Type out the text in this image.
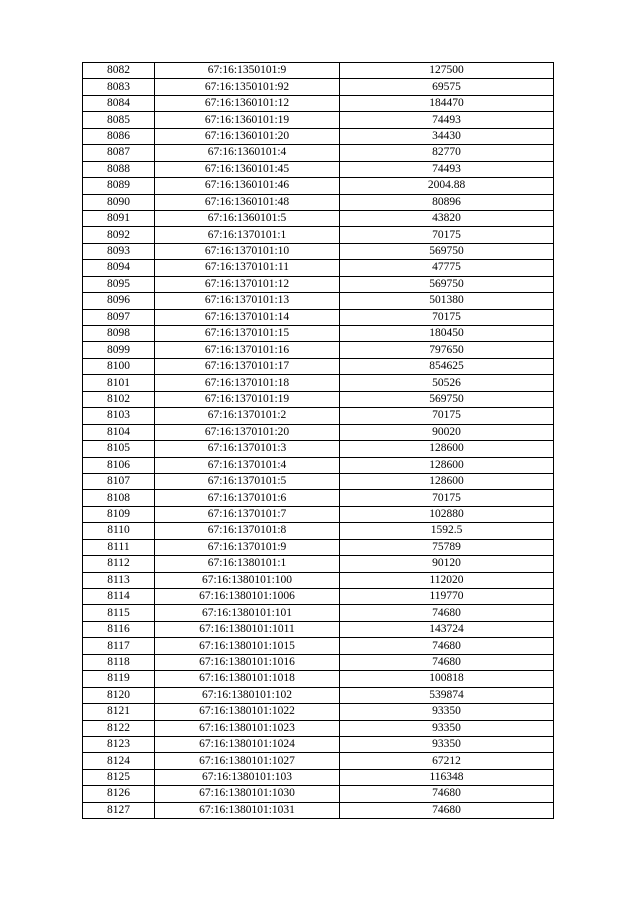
8082	67:16:1350101:9	127500
8083	67:16:1350101:92	69575
8084	67:16:1360101:12	184470
8085	67:16:1360101:19	74493
8086	67:16:1360101:20	34430
8087	67:16:1360101:4	82770
8088	67:16:1360101:45	74493
8089	67:16:1360101:46	2004.88
8090	67:16:1360101:48	80896
8091	67:16:1360101:5	43820
8092	67:16:1370101:1	70175
8093	67:16:1370101:10	569750
8094	67:16:1370101:11	47775
8095	67:16:1370101:12	569750
8096	67:16:1370101:13	501380
8097	67:16:1370101:14	70175
8098	67:16:1370101:15	180450
8099	67:16:1370101:16	797650
8100	67:16:1370101:17	854625
8101	67:16:1370101:18	50526
8102	67:16:1370101:19	569750
8103	67:16:1370101:2	70175
8104	67:16:1370101:20	90020
8105	67:16:1370101:3	128600
8106	67:16:1370101:4	128600
8107	67:16:1370101:5	128600
8108	67:16:1370101:6	70175
8109	67:16:1370101:7	102880
8110	67:16:1370101:8	1592.5
8111	67:16:1370101:9	75789
8112	67:16:1380101:1	90120
8113	67:16:1380101:100	112020
8114	67:16:1380101:1006	119770
8115	67:16:1380101:101	74680
8116	67:16:1380101:1011	143724
8117	67:16:1380101:1015	74680
8118	67:16:1380101:1016	74680
8119	67:16:1380101:1018	100818
8120	67:16:1380101:102	539874
8121	67:16:1380101:1022	93350
8122	67:16:1380101:1023	93350
8123	67:16:1380101:1024	93350
8124	67:16:1380101:1027	67212
8125	67:16:1380101:103	116348
8126	67:16:1380101:1030	74680
8127	67:16:1380101:1031	74680
